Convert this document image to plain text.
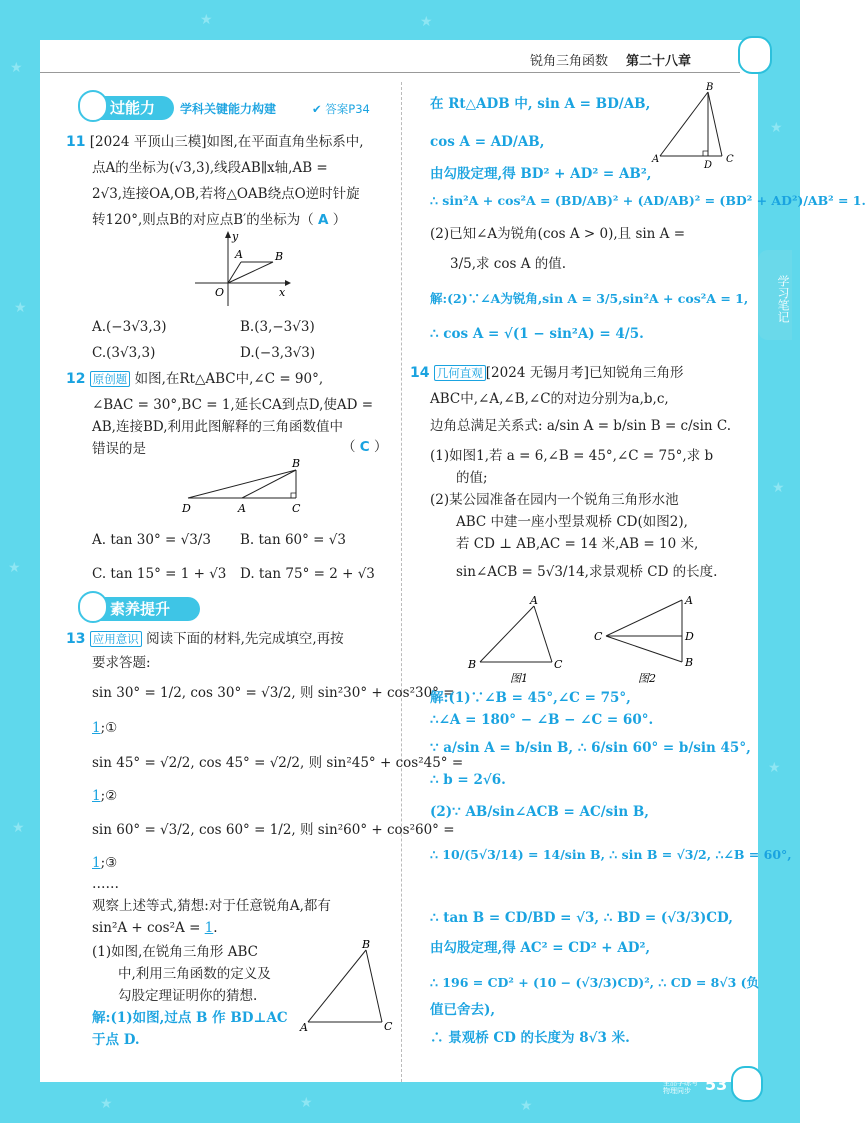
★
★
★
★
★
★
★
★	★
★	★
★
锐角三角函数 第二十八章
学习笔记
过能力	学科关键能力构建	✔ 答案P34
11 [2024 平顶山三模]如图,在平面直角坐标系中,
点A的坐标为(√3,3),线段AB∥x轴,AB =
2√3,连接OA,OB,若将△OAB绕点O逆时针旋
转120°,则点B的对应点B′的坐标为（ A ）
y
x
O
A	B
A.(−3√3,3)	B.(3,−3√3)
C.(3√3,3)	D.(−3,3√3)
12 原创题 如图,在Rt△ABC中,∠C = 90°,
∠BAC = 30°,BC = 1,延长CA到点D,使AD =
AB,连接BD,利用此图解释的三角函数值中
错误的是	（ C ）
D	A	C
B
A. tan 30° = √3/3 B. tan 60° = √3
C. tan 15° = 1 + √3 D. tan 75° = 2 + √3
素养提升
13 应用意识 阅读下面的材料,先完成填空,再按
要求答题:
sin 30° = 1/2, cos 30° = √3/2, 则 sin²30° + cos²30° =
1;①
sin 45° = √2/2, cos 45° = √2/2, 则 sin²45° + cos²45° =
1;②
sin 60° = √3/2, cos 60° = 1/2, 则 sin²60° + cos²60° =
1;③
……
观察上述等式,猜想:对于任意锐角A,都有
sin²A + cos²A = 1.
(1)如图,在锐角三角形 ABC
中,利用三角函数的定义及
勾股定理证明你的猜想.
解:(1)如图,过点 B 作 BD⊥AC
于点 D.
A
B
C
在 Rt△ADB 中, sin A = BD/AB,
cos A = AD/AB,
由勾股定理,得 BD² + AD² = AB²,
∴ sin²A + cos²A = (BD/AB)² + (AD/AB)² = (BD² + AD²)/AB² = 1.
A
B
C
D
(2)已知∠A为锐角(cos A > 0),且 sin A =
3/5,求 cos A 的值.
解:(2)∵∠A为锐角,sin A = 3/5,sin²A + cos²A = 1,
∴ cos A = √(1 − sin²A) = 4/5.
14 几何直观 [2024 无锡月考]已知锐角三角形
ABC中,∠A,∠B,∠C的对边分别为a,b,c,
边角总满足关系式: a/sin A = b/sin B = c/sin C.
(1)如图1,若 a = 6,∠B = 45°,∠C = 75°,求 b
的值;
(2)某公园准备在园内一个锐角三角形水池
ABC 中建一座小型景观桥 CD(如图2),
若 CD ⊥ AB,AC = 14 米,AB = 10 米,
sin∠ACB = 5√3/14,求景观桥 CD 的长度.
B
A
C
图1
C
A
D
B
图2
解:(1)∵∠B = 45°,∠C = 75°,
∴∠A = 180° − ∠B − ∠C = 60°.
∵ a/sin A = b/sin B, ∴ 6/sin 60° = b/sin 45°,
∴ b = 2√6.
(2)∵ AB/sin∠ACB = AC/sin B,
∴ 10/(5√3/14) = 14/sin B, ∴ sin B = √3/2, ∴∠B = 60°,
∴ tan B = CD/BD = √3, ∴ BD = (√3/3)CD,
由勾股定理,得 AC² = CD² + AD²,
∴ 196 = CD² + (10 − (√3/3)CD)², ∴ CD = 8√3 (负
值已舍去),
∴ 景观桥 CD 的长度为 8√3 米.
全品学练考 物理同步 53
